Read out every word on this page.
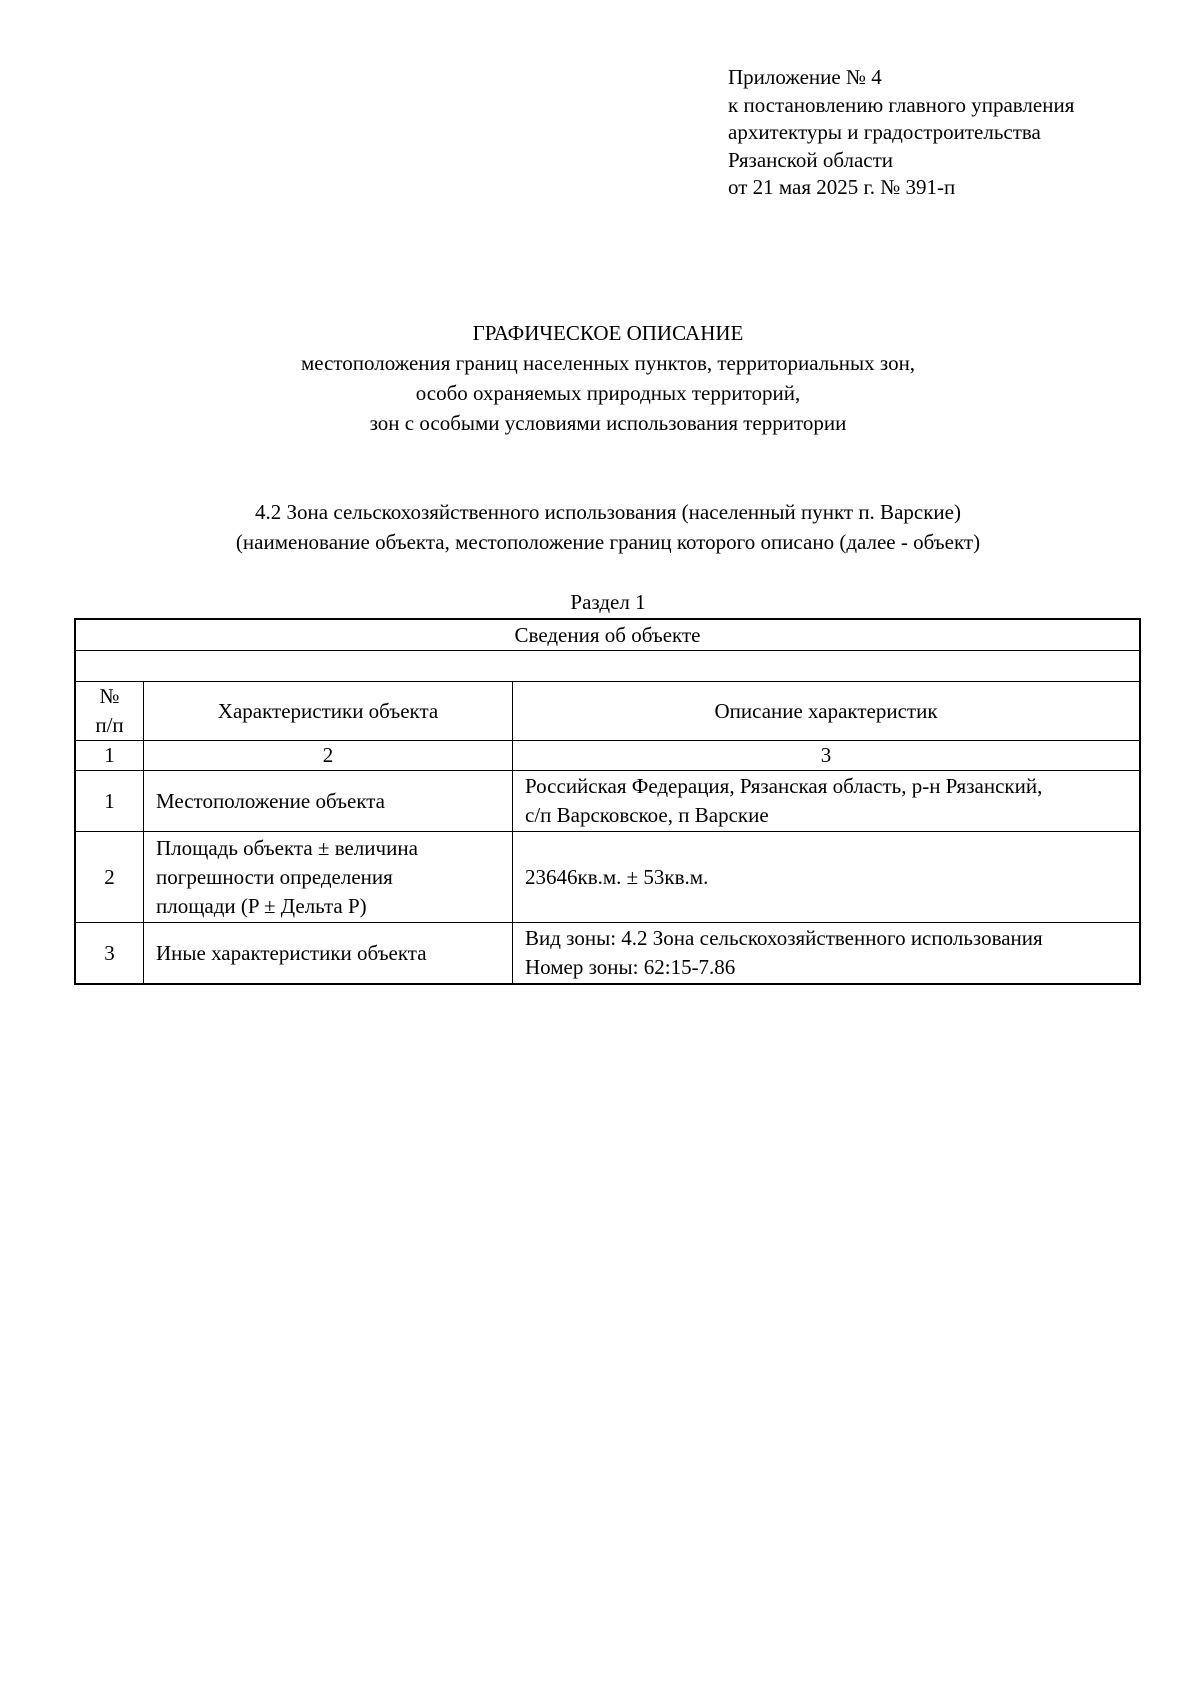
Приложение № 4
к постановлению главного управления
архитектуры и градостроительства
Рязанской области
от 21 мая 2025 г. № 391-п
ГРАФИЧЕСКОЕ ОПИСАНИЕ
местоположения границ населенных пунктов, территориальных зон,
особо охраняемых природных территорий,
зон с особыми условиями использования территории
4.2 Зона сельскохозяйственного использования (населенный пункт п. Варские)
(наименование объекта, местоположение границ которого описано (далее - объект)
Раздел 1
Сведения об объекте		

№
п/п	Характеристики объекта	Описание характеристик
1	2	3
1	Местоположение объекта	Российская Федерация, Рязанская область, р-н Рязанский,
с/п Варсковское, п Варские

2	Площадь объекта ± величина
погрешности определения
площади (P ± Дельта P)	23646кв.м. ± 53кв.м.

3	Иные характеристики объекта	Вид зоны: 4.2 Зона сельскохозяйственного использования
Номер зоны: 62:15-7.86
